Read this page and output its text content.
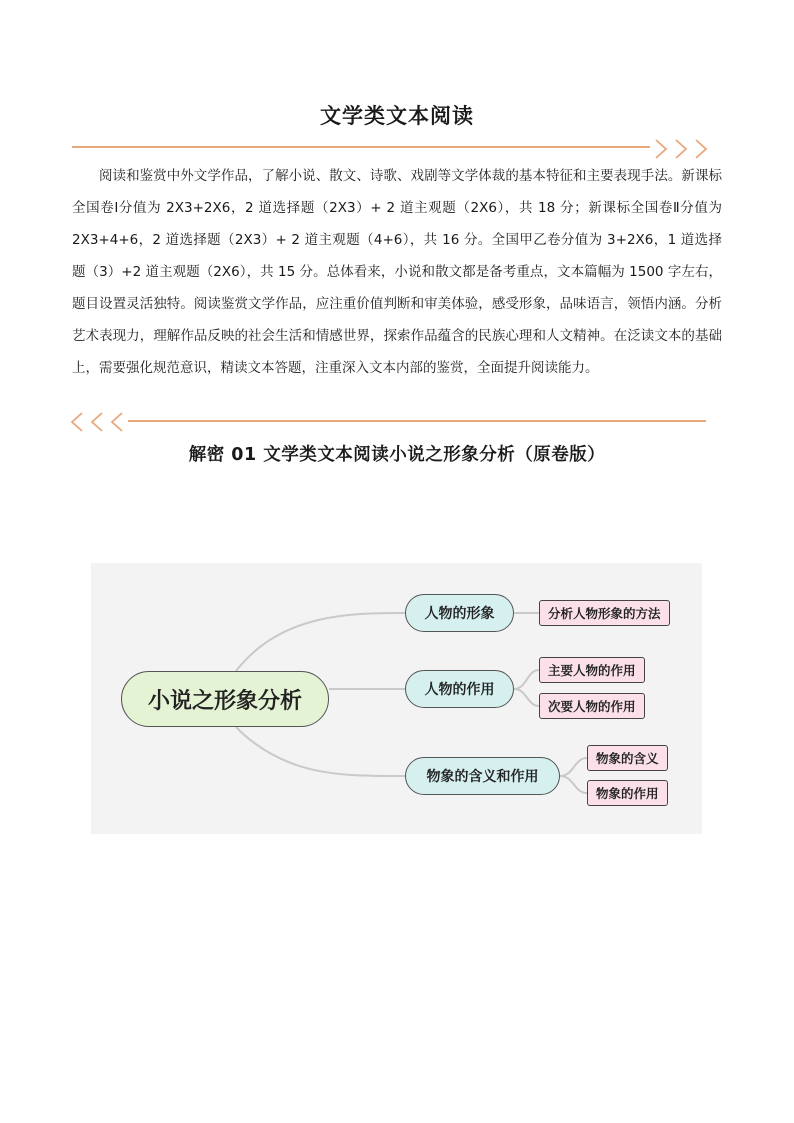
文学类文本阅读

阅读和鉴赏中外文学作品，了解小说、散文、诗歌、戏剧等文学体裁的基本特征和主要表现手法。新课标全国卷Ⅰ分值为 2X3+2X6，2 道选择题（2X3）+ 2 道主观题（2X6），共 18 分；新课标全国卷Ⅱ分值为 2X3+4+6，2 道选择题（2X3）+ 2 道主观题（4+6），共 16 分。全国甲乙卷分值为 3+2X6，1 道选择题（3）+2 道主观题（2X6），共 15 分。总体看来，小说和散文都是备考重点，文本篇幅为 1500 字左右，题目设置灵活独特。阅读鉴赏文学作品，应注重价值判断和审美体验，感受形象，品味语言，领悟内涵。分析艺术表现力，理解作品反映的社会生活和情感世界，探索作品蕴含的民族心理和人文精神。在泛读文本的基础上，需要强化规范意识，精读文本答题，注重深入文本内部的鉴赏，全面提升阅读能力。

解密 01 文学类文本阅读小说之形象分析（原卷版）
小说之形象分析
人物的形象
人物的作用
物象的含义和作用
分析人物形象的方法
主要人物的作用
次要人物的作用
物象的含义
物象的作用
